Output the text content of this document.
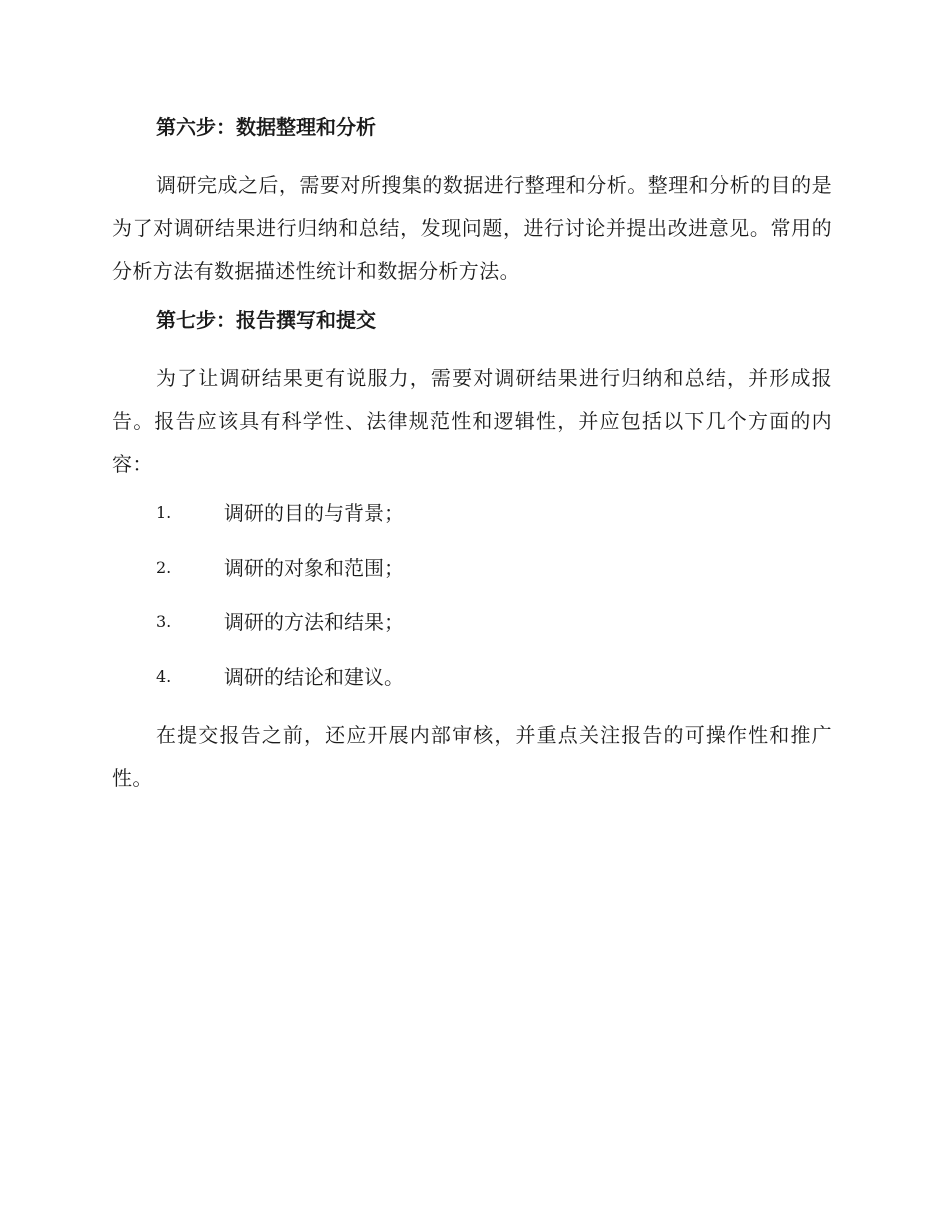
第六步：数据整理和分析

调研完成之后，需要对所搜集的数据进行整理和分析。整理和分析的目的是为了对调研结果进行归纳和总结，发现问题，进行讨论并提出改进意见。常用的分析方法有数据描述性统计和数据分析方法。

第七步：报告撰写和提交

为了让调研结果更有说服力，需要对调研结果进行归纳和总结，并形成报告。报告应该具有科学性、法律规范性和逻辑性，并应包括以下几个方面的内容：

1.	调研的目的与背景；
2.	调研的对象和范围；
3.	调研的方法和结果；
4.	调研的结论和建议。

在提交报告之前，还应开展内部审核，并重点关注报告的可操作性和推广性。
